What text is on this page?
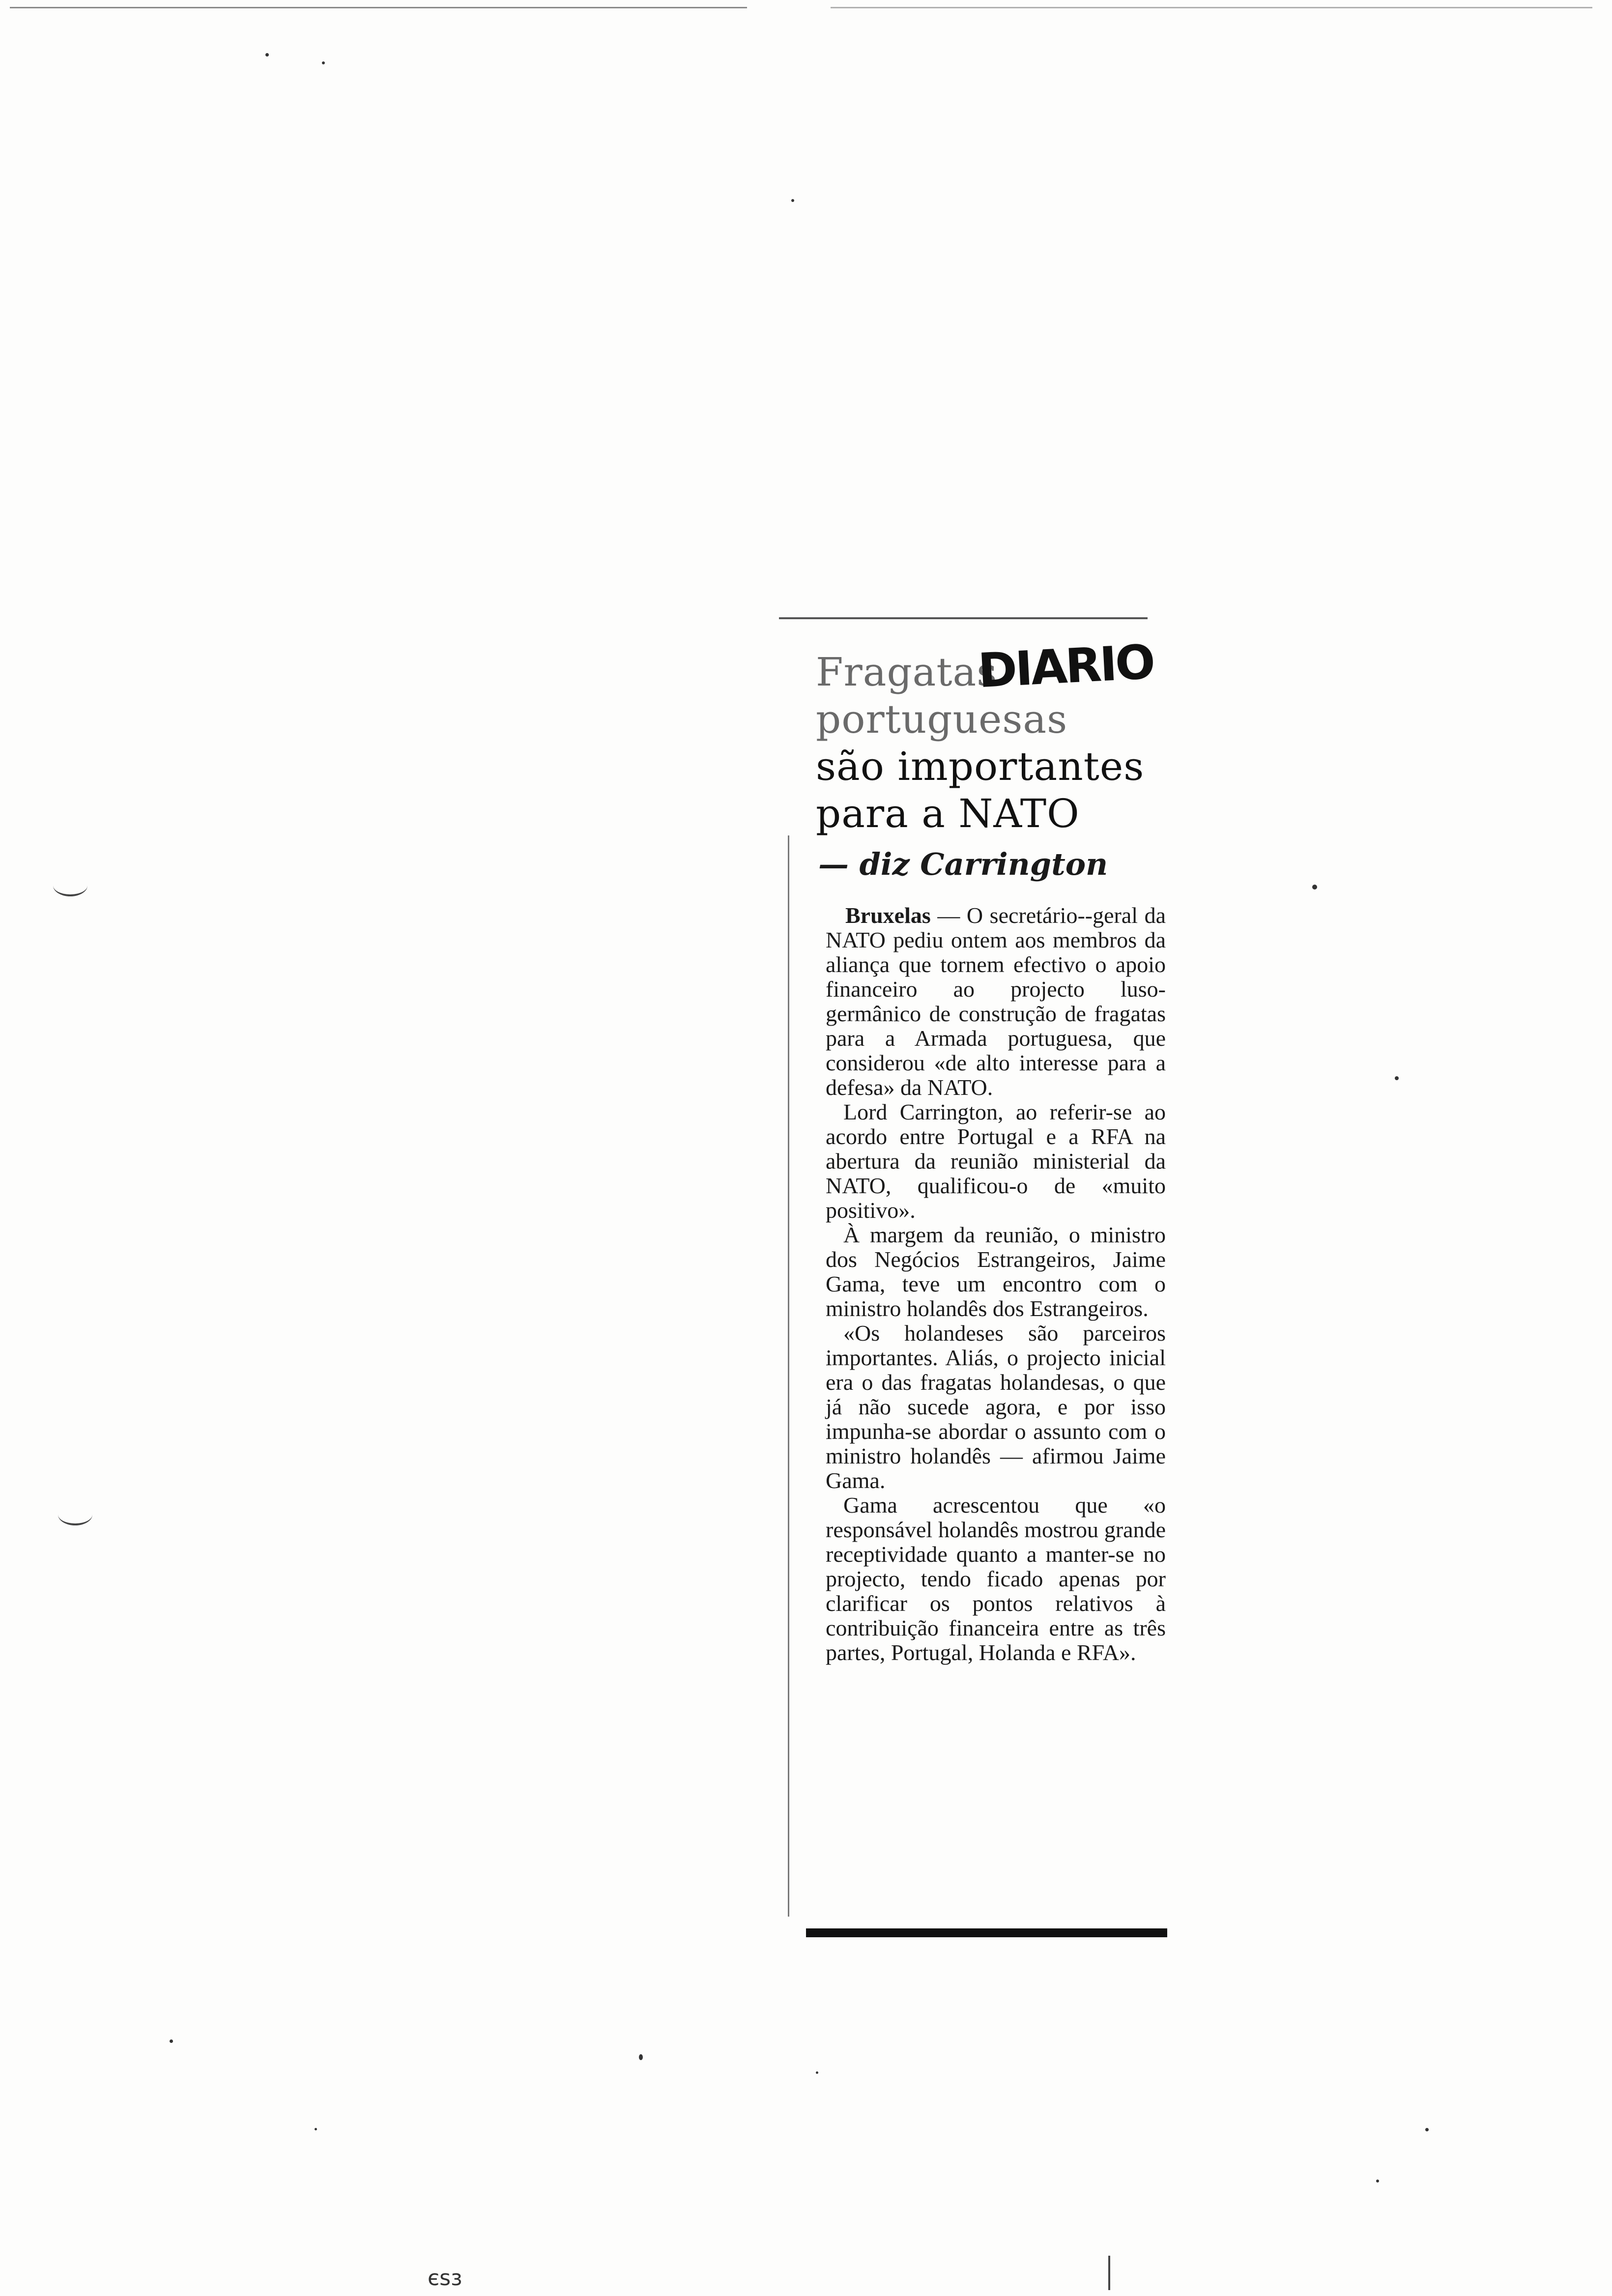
Fragatas
portuguesas
são importantes
para a NATO
DIARIO
— diz Carrington

Bruxelas — O secretário--geral da NATO pediu ontem aos membros da aliança que tornem efectivo o apoio financeiro ao projecto luso-germânico de construção de fragatas para a Armada portuguesa, que considerou «de alto interesse para a defesa» da NATO.

Lord Carrington, ao referir-se ao acordo entre Portugal e a RFA na abertura da reunião ministerial da NATO, qualificou-o de «muito positivo».

À margem da reunião, o ministro dos Negócios Estrangeiros, Jaime Gama, teve um encontro com o ministro holandês dos Estrangeiros.

«Os holandeses são parceiros importantes. Aliás, o projecto inicial era o das fragatas holandesas, o que já não sucede agora, e por isso impunha-se abordar o assunto com o ministro holandês — afirmou Jaime Gama.

Gama acrescentou que «o responsável holandês mostrou grande receptividade quanto a manter-se no projecto, tendo ficado apenas por clarificar os pontos relativos à contribuição financeira entre as três partes, Portugal, Holanda e RFA».

єѕз
